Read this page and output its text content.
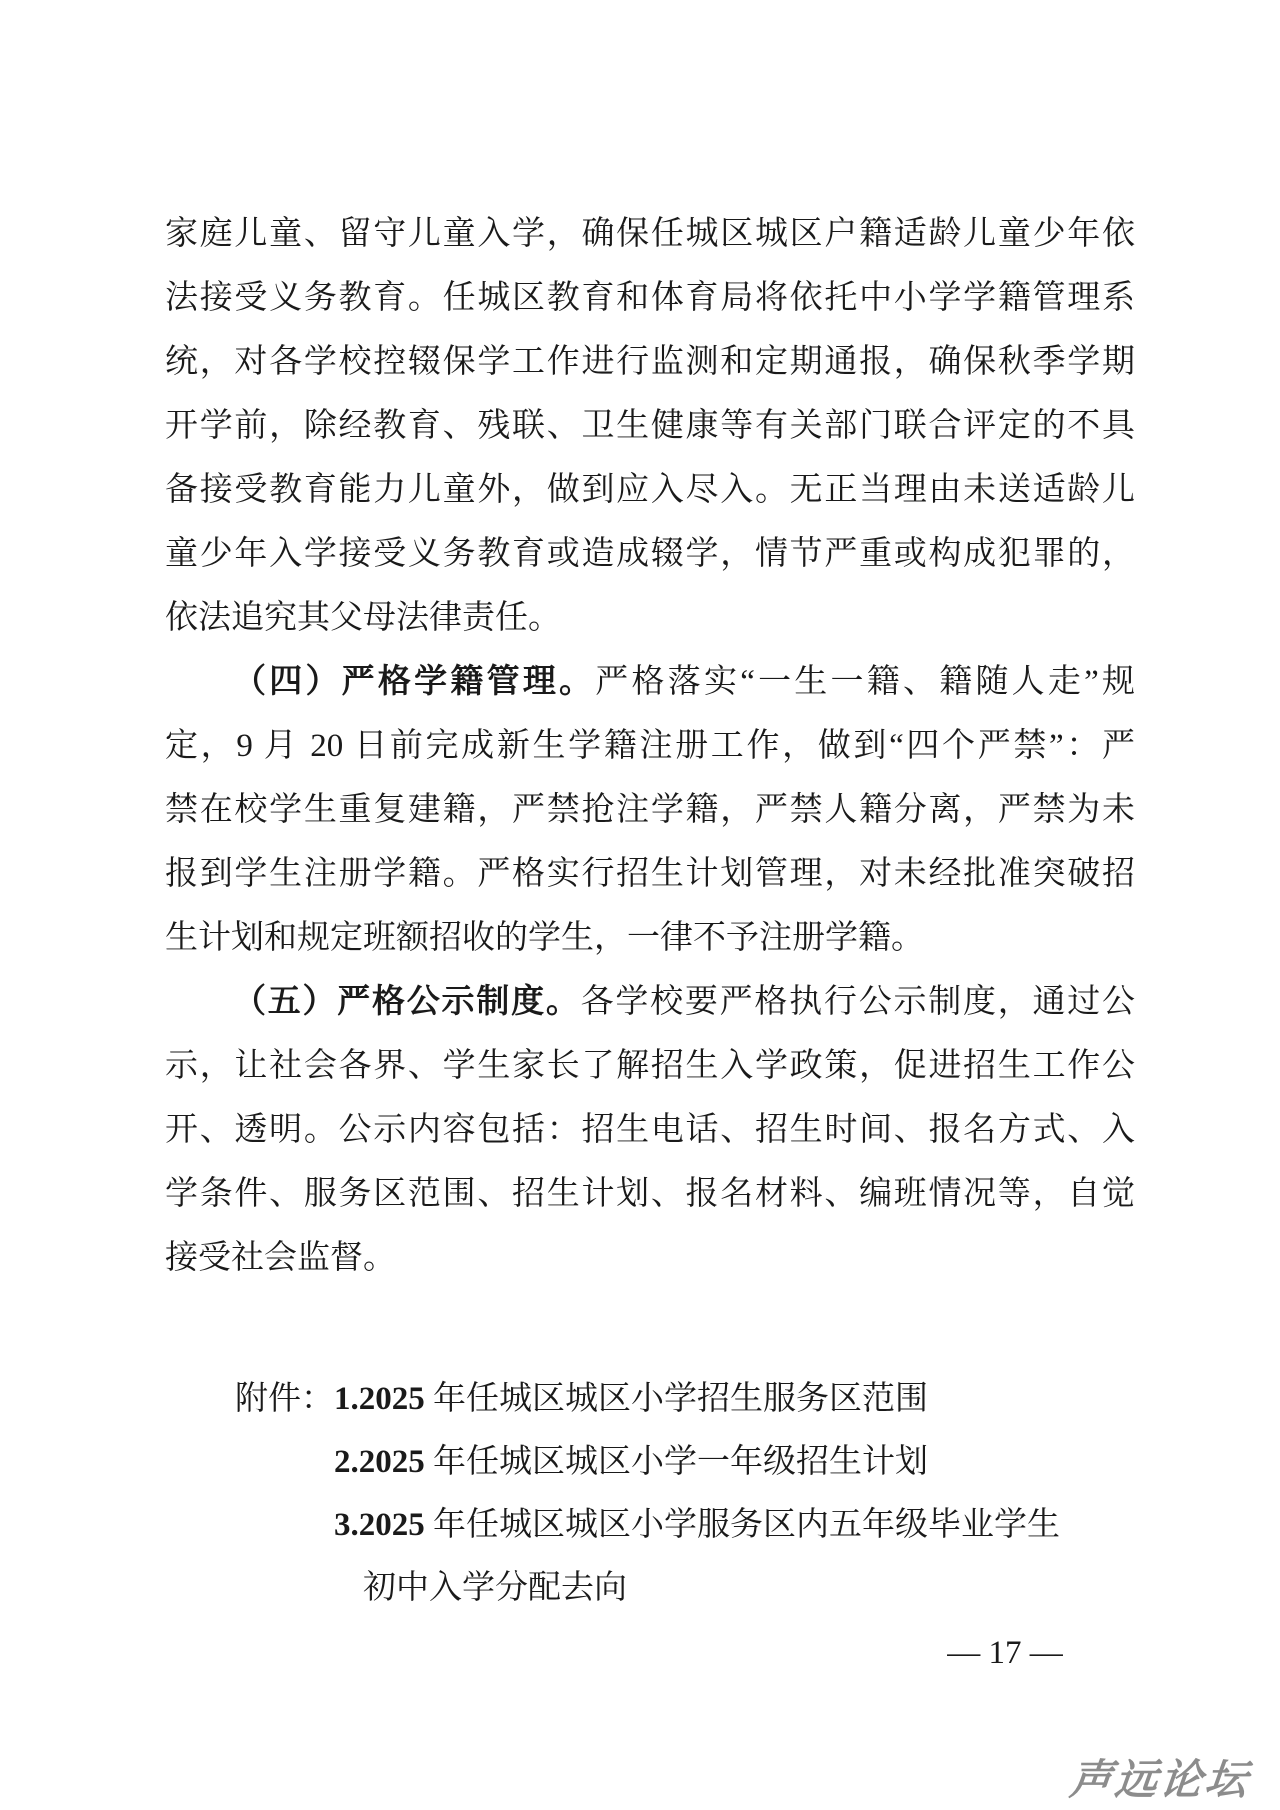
家庭儿童、留守儿童入学，确保任城区城区户籍适龄儿童少年依
法接受义务教育。任城区教育和体育局将依托中小学学籍管理系
统，对各学校控辍保学工作进行监测和定期通报，确保秋季学期
开学前，除经教育、残联、卫生健康等有关部门联合评定的不具
备接受教育能力儿童外，做到应入尽入。无正当理由未送适龄儿
童少年入学接受义务教育或造成辍学，情节严重或构成犯罪的，
依法追究其父母法律责任。
（四）严格学籍管理。严格落实“一生一籍、籍随人走”规
定，9 月 20 日前完成新生学籍注册工作，做到“四个严禁”：严
禁在校学生重复建籍，严禁抢注学籍，严禁人籍分离，严禁为未
报到学生注册学籍。严格实行招生计划管理，对未经批准突破招
生计划和规定班额招收的学生，一律不予注册学籍。
（五）严格公示制度。各学校要严格执行公示制度，通过公
示，让社会各界、学生家长了解招生入学政策，促进招生工作公
开、透明。公示内容包括：招生电话、招生时间、报名方式、入
学条件、服务区范围、招生计划、报名材料、编班情况等，自觉
接受社会监督。
附件：1.2025 年任城区城区小学招生服务区范围
2.2025 年任城区城区小学一年级招生计划
3.2025 年任城区城区小学服务区内五年级毕业学生
初中入学分配去向
— 17 —
声远论坛
